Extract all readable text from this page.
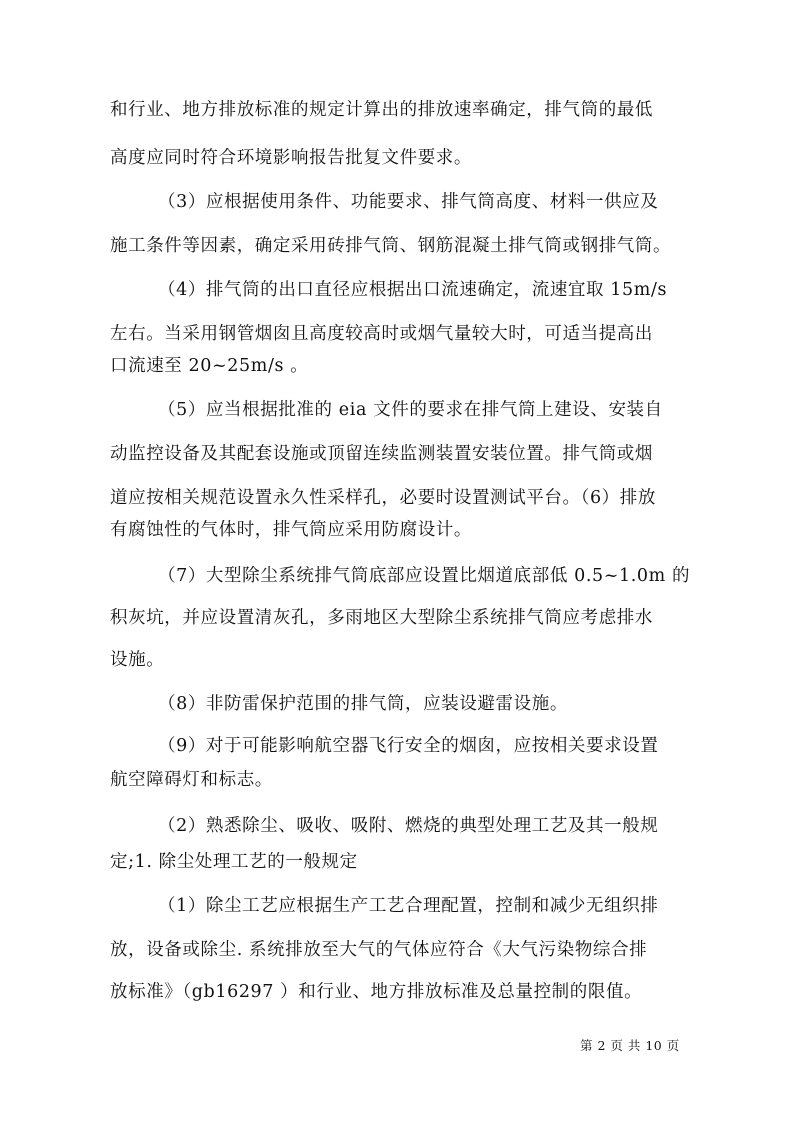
和行业、地方排放标准的规定计算出的排放速率确定，排气筒的最低
高度应同时符合环境影响报告批复文件要求。
（3）应根据使用条件、功能要求、排气筒高度、材料一供应及
施工条件等因素，确定采用砖排气筒、钢筋混凝土排气筒或钢排气筒。
（4）排气筒的出口直径应根据出口流速确定，流速宜取 15m/s
左右。当采用钢管烟囱且高度较高时或烟气量较大时，可适当提高出
口流速至 20~25m/s 。
（5）应当根据批准的 eia 文件的要求在排气筒上建设、安装自
动监控设备及其配套设施或顶留连续监测装置安装位置。排气筒或烟
道应按相关规范设置永久性采样孔，必要时设置测试平台。（6）排放
有腐蚀性的气体时，排气筒应采用防腐设计。
（7）大型除尘系统排气筒底部应设置比烟道底部低 0.5~1.0m 的
积灰坑，并应设置清灰孔，多雨地区大型除尘系统排气筒应考虑排水
设施。
（8）非防雷保护范围的排气筒，应装设避雷设施。
（9）对于可能影响航空器飞行安全的烟囱，应按相关要求设置
航空障碍灯和标志。
（2）熟悉除尘、吸收、吸附、燃烧的典型处理工艺及其一般规
定;1. 除尘处理工艺的一般规定
（1）除尘工艺应根据生产工艺合理配置，控制和减少无组织排
放，设备或除尘. 系统排放至大气的气体应符合《大气污染物综合排
放标准》（gb16297 ）和行业、地方排放标准及总量控制的限值。
第 2 页 共 10 页
